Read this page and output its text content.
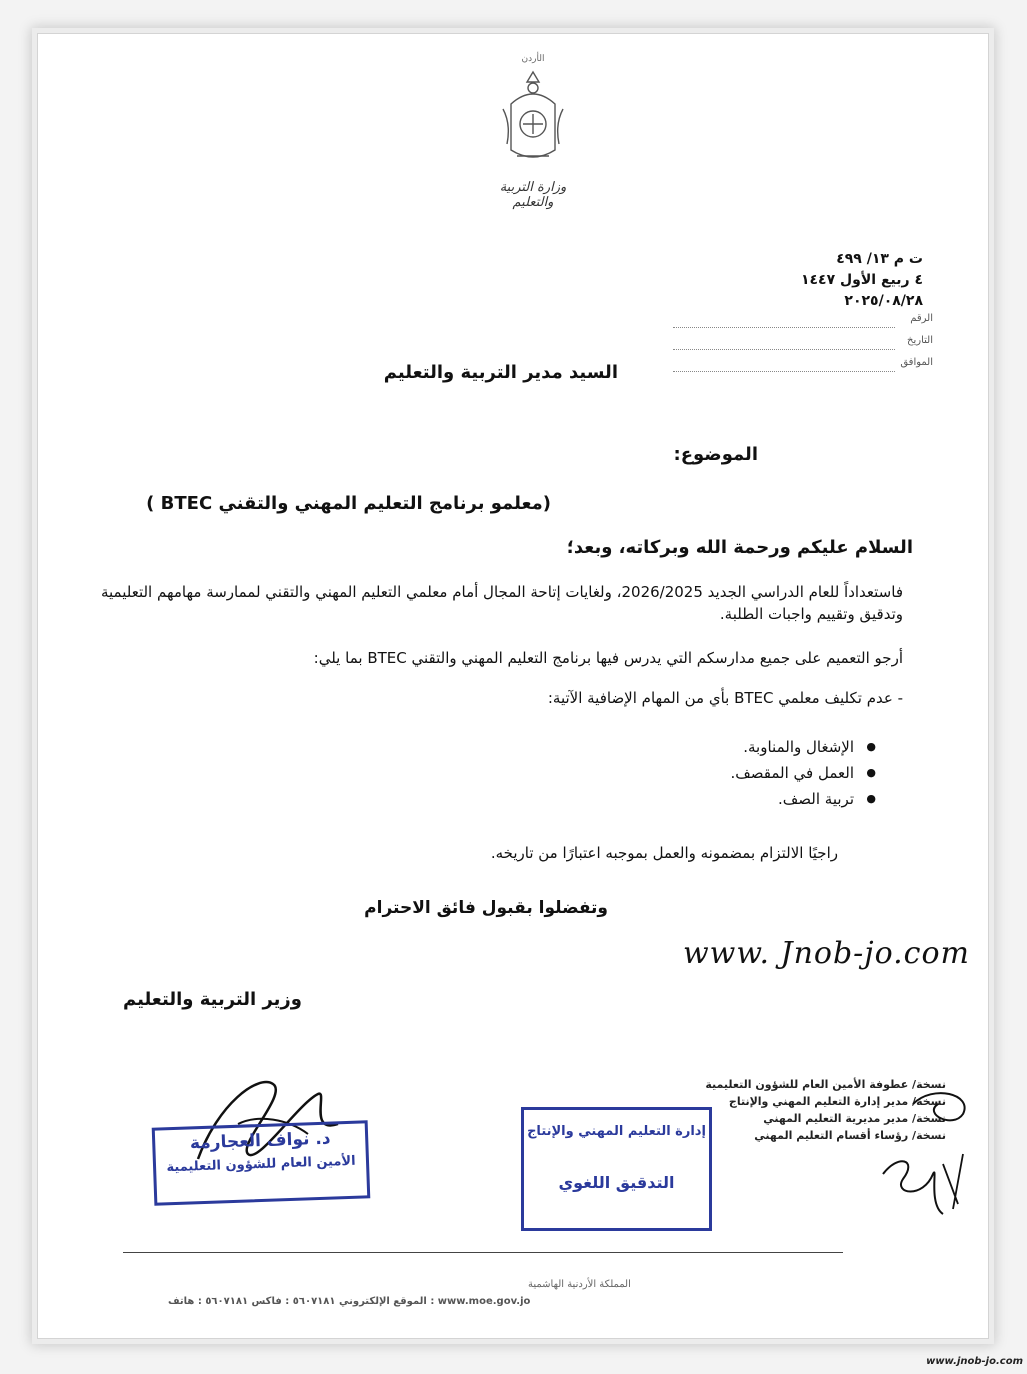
الأردن
وزارة التربية والتعليم
ت م ١٣/ ٤٩٩
٤ ربيع الأول ١٤٤٧
٢٠٢٥/٠٨/٢٨
الرقم
التاريخ
الموافق
السيد مدير التربية والتعليم
الموضوع:
(معلمو برنامج التعليم المهني والتقني BTEC )
السلام عليكم ورحمة الله وبركاته، وبعد؛
فاستعداداً للعام الدراسي الجديد 2026/2025، ولغايات إتاحة المجال أمام معلمي التعليم المهني والتقني لممارسة مهامهم التعليمية وتدقيق وتقييم واجبات الطلبة.
أرجو التعميم على جميع مدارسكم التي يدرس فيها برنامج التعليم المهني والتقني BTEC بما يلي:
- عدم تكليف معلمي BTEC بأي من المهام الإضافية الآتية:
● الإشغال والمناوبة.
● العمل في المقصف.
● تربية الصف.
راجيًا الالتزام بمضمونه والعمل بموجبه اعتبارًا من تاريخه.
وتفضلوا بقبول فائق الاحترام
www. Jnob-jo.com
وزير التربية والتعليم
د. نواف العجارمة
الأمين العام للشؤون التعليمية
إدارة التعليم المهني والإنتاج
التدقيق اللغوي
نسخة/ عطوفة الأمين العام للشؤون التعليمية
نسخة/ مدير إدارة التعليم المهني والإنتاج
نسخة/ مدير مديرية التعليم المهني
نسخة/ رؤساء أقسام التعليم المهني
المملكة الأردنية الهاشمية
www.moe.gov.jo : الموقع الإلكتروني ٥٦٠٧١٨١ : فاكس ٥٦٠٧١٨١ : هاتف
www.jnob-jo.com
